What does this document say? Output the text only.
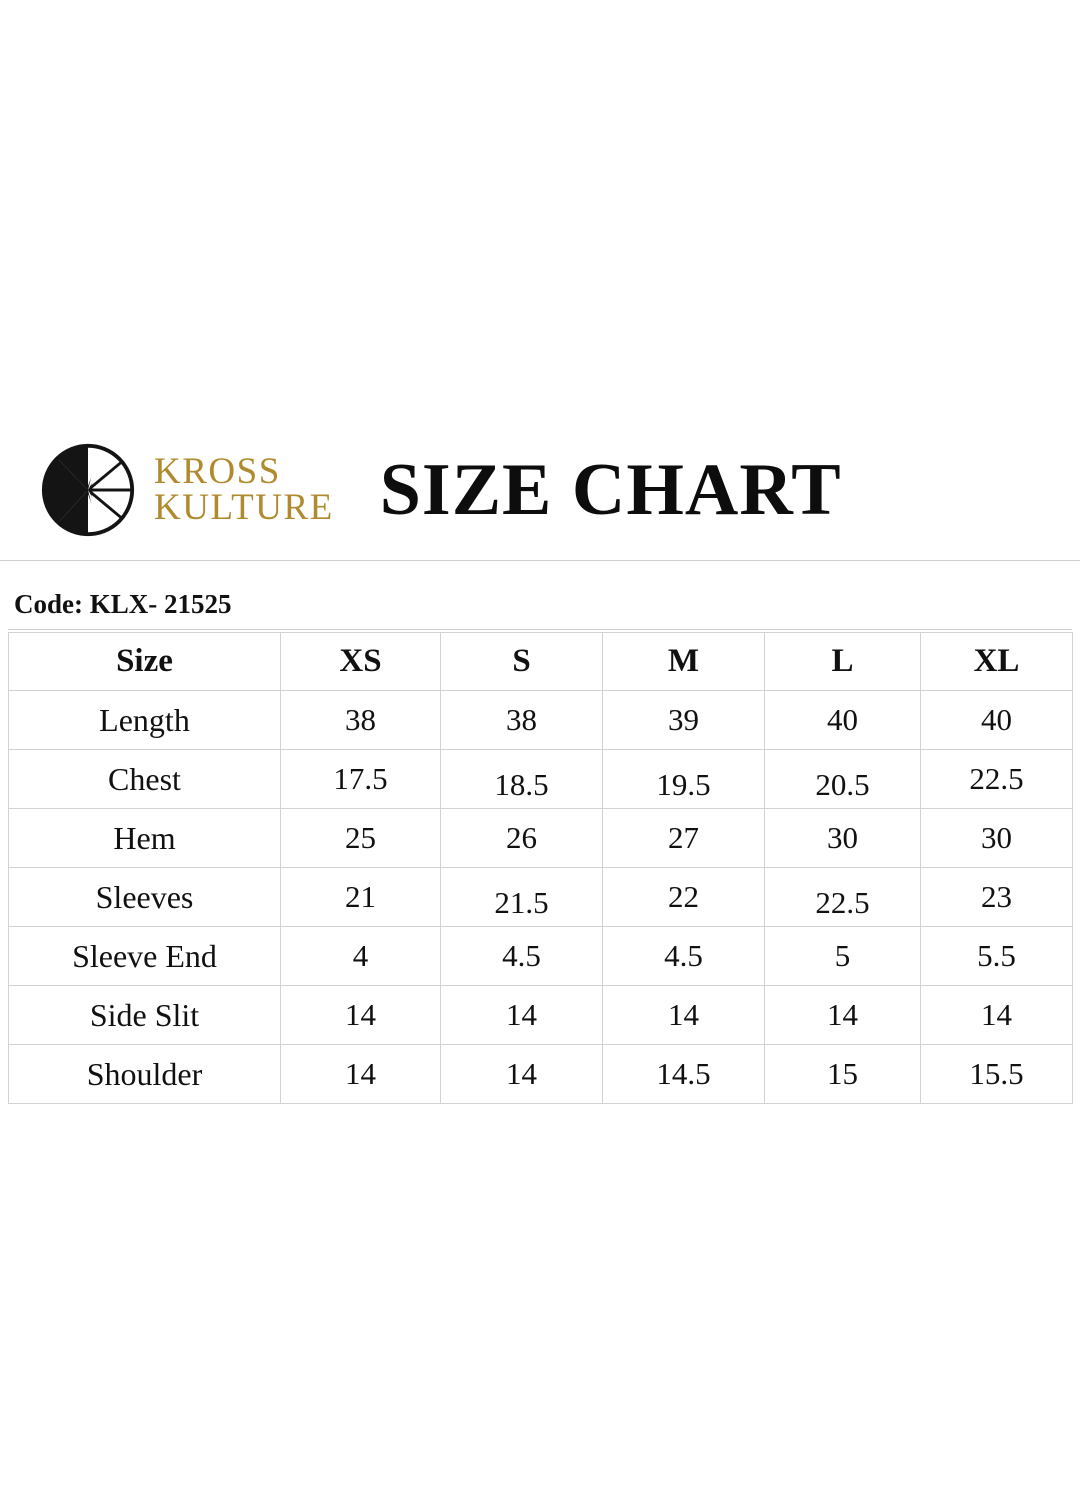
KROSS
KULTURE SIZE CHART
Code: KLX- 21525
Size	XS	S	M	L	XL
Length	38	38	39	40	40
Chest	17.5	18.5	19.5	20.5	22.5
Hem	25	26	27	30	30
Sleeves	21	21.5	22	22.5	23
Sleeve End	4	4.5	4.5	5	5.5
Side Slit	14	14	14	14	14
Shoulder	14	14	14.5	15	15.5
